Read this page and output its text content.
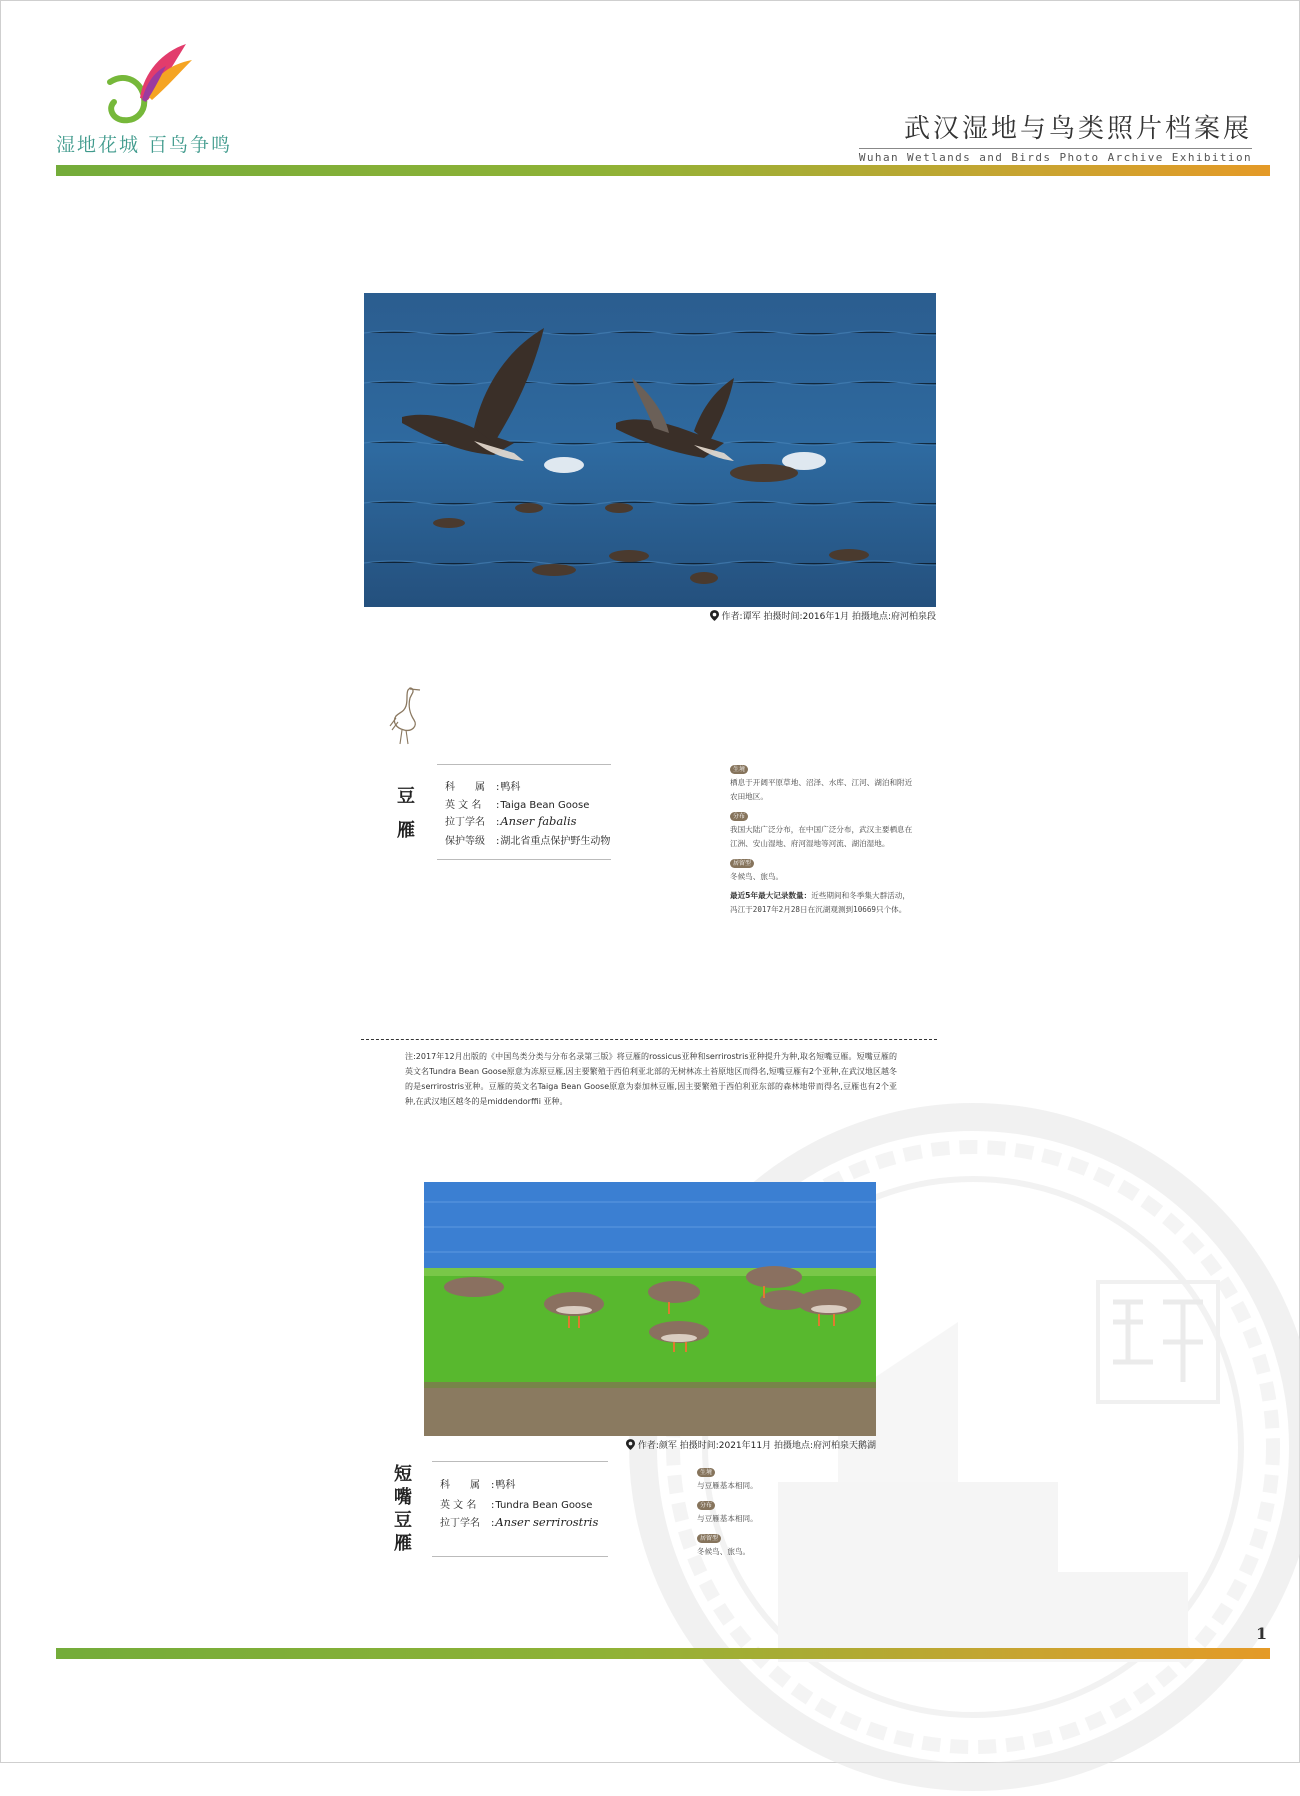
湿地花城 百鸟争鸣
武汉湿地与鸟类照片档案展
Wuhan Wetlands and Birds Photo Archive Exhibition
作者:谭军 拍摄时间:2016年1月 拍摄地点:府河柏泉段
豆雁
科　　属 :鸭科
英 文 名 :Taiga Bean Goose
拉丁学名 :Anser fabalis
保护等级 :湖北省重点保护野生动物
生境

栖息于开阔平原草地、沼泽、水库、江河、湖泊和附近农田地区。

分布

我国大陆广泛分布，在中国广泛分布，武汉主要栖息在江洲、安山湿地、府河湿地等河流、湖泊湿地。

居留型

冬候鸟、旅鸟。

最近5年最大记录数量：近些期间和冬季集大群活动，冯江于2017年2月28日在沉湖观测到10669只个体。

注:2017年12月出版的《中国鸟类分类与分布名录第三版》将豆雁的rossicus亚种和serrirostris亚种提升为种,取名短嘴豆雁。短嘴豆雁的英文名Tundra Bean Goose原意为冻原豆雁,因主要繁殖于西伯利亚北部的无树林冻土苔原地区而得名,短嘴豆雁有2个亚种,在武汉地区越冬的是serrirostris亚种。豆雁的英文名Taiga Bean Goose原意为泰加林豆雁,因主要繁殖于西伯利亚东部的森林地带而得名,豆雁也有2个亚种,在武汉地区越冬的是middendorffii 亚种。
作者:颜军 拍摄时间:2021年11月 拍摄地点:府河柏泉天鹅湖
短嘴豆雁
科　　属 :鸭科
英 文 名 :Tundra Bean Goose
拉丁学名 :Anser serrirostris
生境

与豆雁基本相同。

分布

与豆雁基本相同。

居留型

冬候鸟、旅鸟。

1
